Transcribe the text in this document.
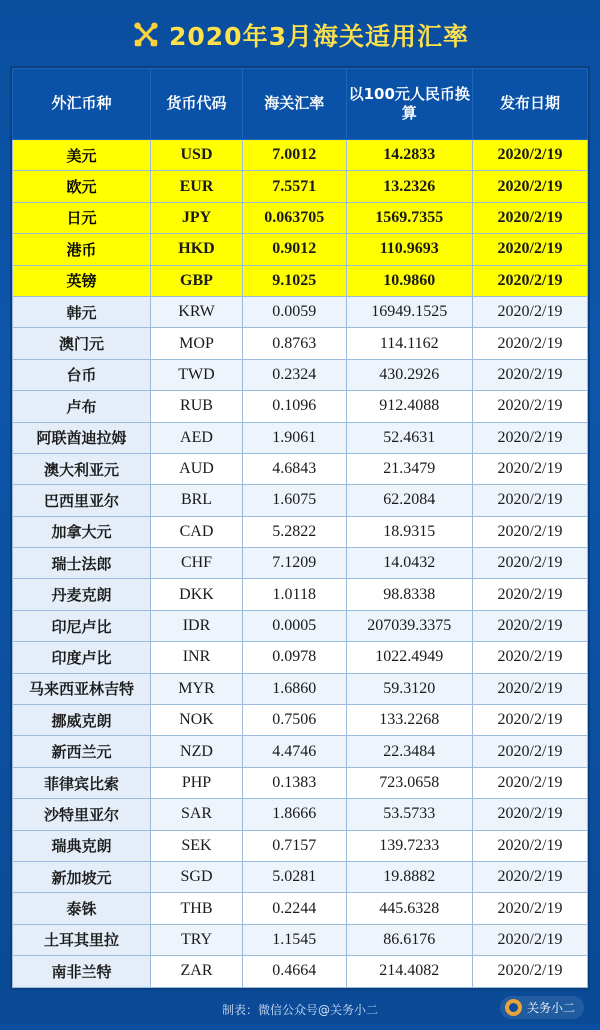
2020年3月海关适用汇率
外汇币种	货币代码	海关汇率	以100元人民币换算	发布日期
美元	USD	7.0012	14.2833	2020/2/19
欧元	EUR	7.5571	13.2326	2020/2/19
日元	JPY	0.063705	1569.7355	2020/2/19
港币	HKD	0.9012	110.9693	2020/2/19
英镑	GBP	9.1025	10.9860	2020/2/19
韩元	KRW	0.0059	16949.1525	2020/2/19
澳门元	MOP	0.8763	114.1162	2020/2/19
台币	TWD	0.2324	430.2926	2020/2/19
卢布	RUB	0.1096	912.4088	2020/2/19
阿联酋迪拉姆	AED	1.9061	52.4631	2020/2/19
澳大利亚元	AUD	4.6843	21.3479	2020/2/19
巴西里亚尔	BRL	1.6075	62.2084	2020/2/19
加拿大元	CAD	5.2822	18.9315	2020/2/19
瑞士法郎	CHF	7.1209	14.0432	2020/2/19
丹麦克朗	DKK	1.0118	98.8338	2020/2/19
印尼卢比	IDR	0.0005	207039.3375	2020/2/19
印度卢比	INR	0.0978	1022.4949	2020/2/19
马来西亚林吉特	MYR	1.6860	59.3120	2020/2/19
挪威克朗	NOK	0.7506	133.2268	2020/2/19
新西兰元	NZD	4.4746	22.3484	2020/2/19
菲律宾比索	PHP	0.1383	723.0658	2020/2/19
沙特里亚尔	SAR	1.8666	53.5733	2020/2/19
瑞典克朗	SEK	0.7157	139.7233	2020/2/19
新加坡元	SGD	5.0281	19.8882	2020/2/19
泰铢	THB	0.2244	445.6328	2020/2/19
土耳其里拉	TRY	1.1545	86.6176	2020/2/19
南非兰特	ZAR	0.4664	214.4082	2020/2/19
制表：微信公众号@关务小二	关务小二
